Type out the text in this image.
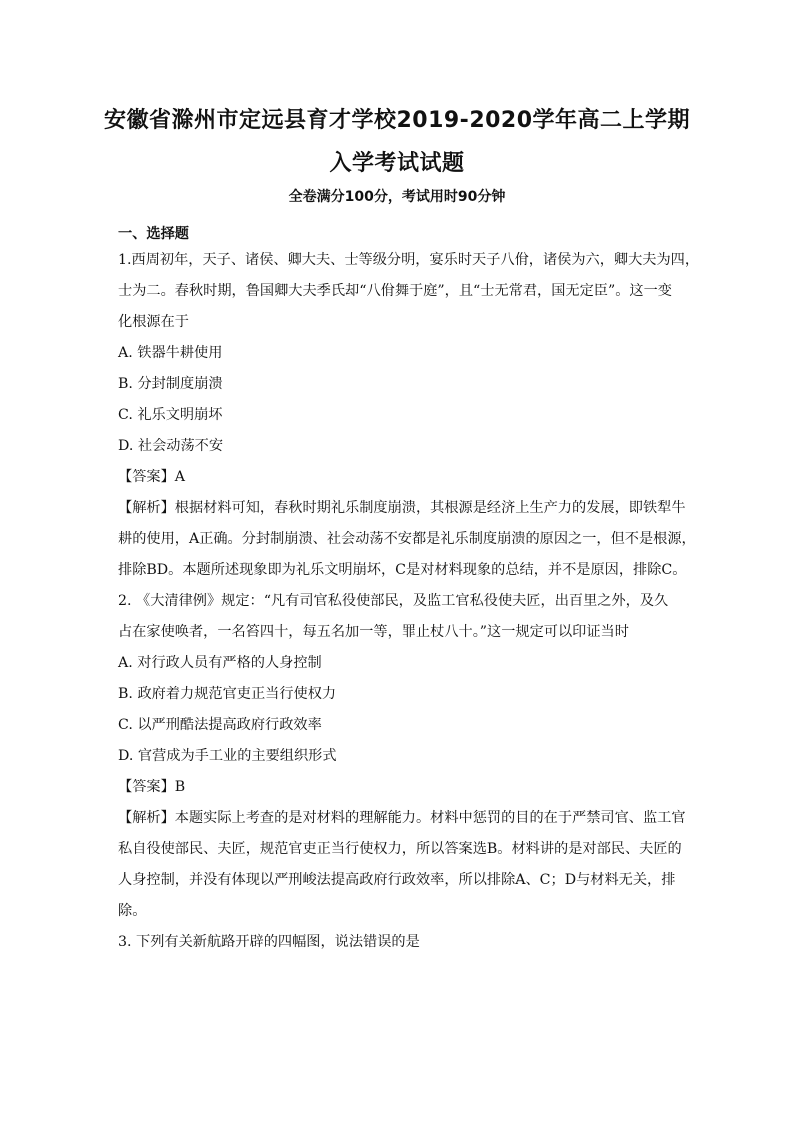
安徽省滁州市定远县育才学校2019-2020学年高二上学期
入学考试试题
全卷满分100分，考试用时90分钟
一、选择题
1.西周初年，天子、诸侯、卿大夫、士等级分明，宴乐时天子八佾，诸侯为六，卿大夫为四，
士为二。春秋时期，鲁国卿大夫季氏却“八佾舞于庭”，且“士无常君，国无定臣”。这一变
化根源在于
A. 铁器牛耕使用
B. 分封制度崩溃
C. 礼乐文明崩坏
D. 社会动荡不安
【答案】A
【解析】根据材料可知，春秋时期礼乐制度崩溃，其根源是经济上生产力的发展，即铁犁牛
耕的使用，A正确。分封制崩溃、社会动荡不安都是礼乐制度崩溃的原因之一，但不是根源，
排除BD。本题所述现象即为礼乐文明崩坏，C是对材料现象的总结，并不是原因，排除C。
2. 《大清律例》规定：“凡有司官私役使部民，及监工官私役使夫匠，出百里之外，及久
占在家使唤者，一名笞四十，每五名加一等，罪止杖八十。”这一规定可以印证当时
A. 对行政人员有严格的人身控制
B. 政府着力规范官吏正当行使权力
C. 以严刑酷法提高政府行政效率
D. 官营成为手工业的主要组织形式
【答案】B
【解析】本题实际上考查的是对材料的理解能力。材料中惩罚的目的在于严禁司官、监工官
私自役使部民、夫匠，规范官吏正当行使权力，所以答案选B。材料讲的是对部民、夫匠的
人身控制，并没有体现以严刑峻法提高政府行政效率，所以排除A、C；D与材料无关，排
除。
3. 下列有关新航路开辟的四幅图，说法错误的是
